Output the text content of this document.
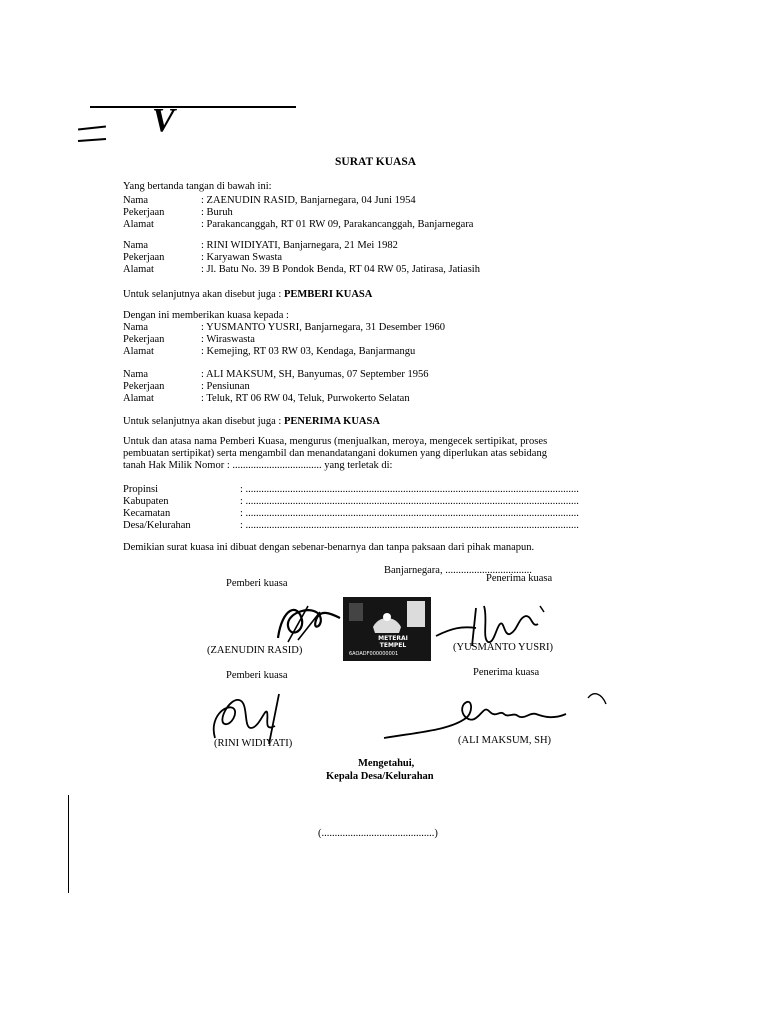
V
SURAT KUASA
Yang bertanda tangan di bawah ini:
Nama	: ZAENUDIN RASID, Banjarnegara, 04 Juni 1954
Pekerjaan	: Buruh
Alamat	: Parakancanggah, RT 01 RW 09, Parakancanggah, Banjarnegara
Nama	: RINI WIDIYATI, Banjarnegara, 21 Mei 1982
Pekerjaan	: Karyawan Swasta
Alamat	: Jl. Batu No. 39 B Pondok Benda, RT 04 RW 05, Jatirasa, Jatiasih
Untuk selanjutnya akan disebut juga : PEMBERI KUASA
Dengan ini memberikan kuasa kepada :
Nama	: YUSMANTO YUSRI, Banjarnegara, 31 Desember 1960
Pekerjaan	: Wiraswasta
Alamat	: Kemejing, RT 03 RW 03, Kendaga, Banjarmangu
Nama	: ALI MAKSUM, SH, Banyumas, 07 September 1956
Pekerjaan	: Pensiunan
Alamat	: Teluk, RT 06 RW 04, Teluk, Purwokerto Selatan
Untuk selanjutnya akan disebut juga : PENERIMA KUASA
Untuk dan atasa nama Pemberi Kuasa, mengurus (menjualkan, meroya, mengecek sertipikat, proses
pembuatan sertipikat) serta mengambil dan menandatangani dokumen yang diperlukan atas sebidang
tanah Hak Milik Nomor : .................................. yang terletak di:
Propinsi	: ...............................................................................................................................
Kabupaten	: ...............................................................................................................................
Kecamatan	: ...............................................................................................................................
Desa/Kelurahan	: ...............................................................................................................................
Demikian surat kuasa ini dibuat dengan sebenar-benarnya dan tanpa paksaan dari pihak manapun.
Banjarnegara, .................................
Pemberi kuasa	Penerima kuasa
METERAI TEMPEL
6AOADF000000001
(ZAENUDIN RASID)	(YUSMANTO YUSRI)
Pemberi kuasa	Penerima kuasa
(RINI WIDIYATI)	(ALI MAKSUM, SH)
Mengetahui,
Kepala Desa/Kelurahan
(...........................................)
